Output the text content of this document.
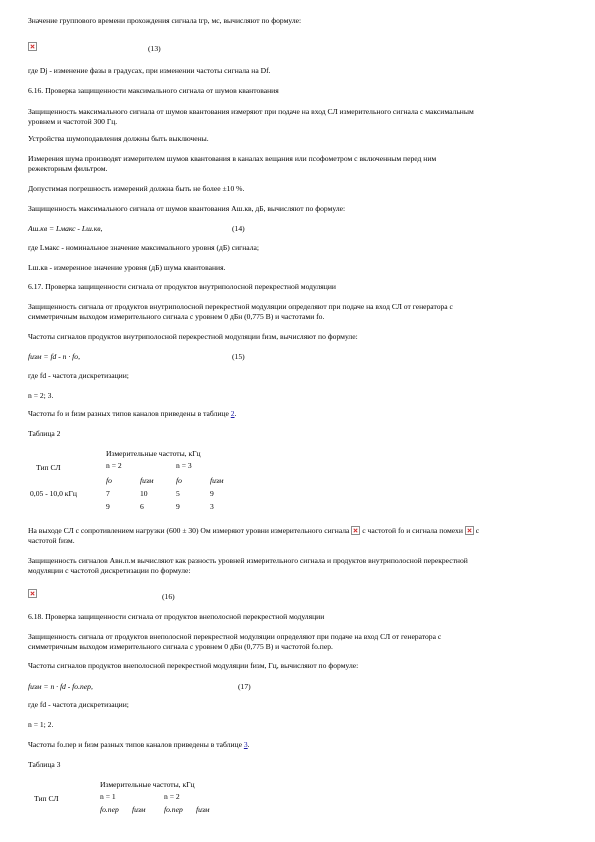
Значение группового времени прохождения сигнала tгр, мс, вычисляют по формуле:
(13)
где Dj - изменение фазы в градусах, при изменении частоты сигнала на Df.
6.16. Проверка защищенности максимального сигнала от шумов квантования
Защищенность максимального сигнала от шумов квантования измеряют при подаче на вход СЛ измерительного сигнала с максимальным
уровнем и частотой 300 Гц.
Устройства шумоподавления должны быть выключены.
Измерения шума производят измерителем шумов квантования в каналах вещания или псофометром с включенным перед ним
режекторным фильтром.
Допустимая погрешность измерений должна быть не более ±10 %.
Защищенность максимального сигнала от шумов квантования Aш.кв, дБ, вычисляют по формуле:
Aш.кв = Lмакс - Lш.кв,	(14)
где Lмакс - номинальное значение максимального уровня (дБ) сигнала;
Lш.кв - измеренное значение уровня (дБ) шума квантования.
6.17. Проверка защищенности сигнала от продуктов внутриполосной перекрестной модуляции
Защищенность сигнала от продуктов внутриполосной перекрестной модуляции определяют при подаче на вход СЛ от генератора с
симметричным выходом измерительного сигнала с уровнем 0 дБн (0,775 В) и частотами fо.
Частоты сигналов продуктов внутриполосной перекрестной модуляции fизм, вычисляют по формуле:
fизм = fd - n · fо,	(15)
где fd - частота дискретизации;
n = 2; 3.
Частоты fо и fизм разных типов каналов приведены в таблице 2.
Таблица 2
Измерительные частоты, кГц
Тип СЛ	n = 2	n = 3
fо	fизм	fо	fизм
0,05 - 10,0 кГц	7	10	5	9
9	6	9	3
На выходе СЛ с сопротивлением нагрузки (600 ± 30) Ом измеряют уровни измерительного сигнала с частотой fо и сигнала помехи с
частотой fизм.
Защищенность сигналов Aвн.п.м вычисляют как разность уровней измерительного сигнала и продуктов внутриполосной перекрестной
модуляции с частотой дискретизации по формуле:
(16)
6.18. Проверка защищенности сигнала от продуктов внеполосной перекрестной модуляции
Защищенность сигнала от продуктов внеполосной перекрестной модуляции определяют при подаче на вход СЛ от генератора с
симметричным выходом измерительного сигнала с уровнем 0 дБн (0,775 В) и частотой fо.пер.
Частоты сигналов продуктов внеполосной перекрестной модуляции fизм, Гц, вычисляют по формуле:
fизм = n · fd - fо.пер,	(17)
где fd - частота дискретизации;
n = 1; 2.
Частоты fо.пер и fизм разных типов каналов приведены в таблице 3.
Таблица 3
Измерительные частоты, кГц
Тип СЛ	n = 1	n = 2
fо.пер fизм fо.пер fизм
